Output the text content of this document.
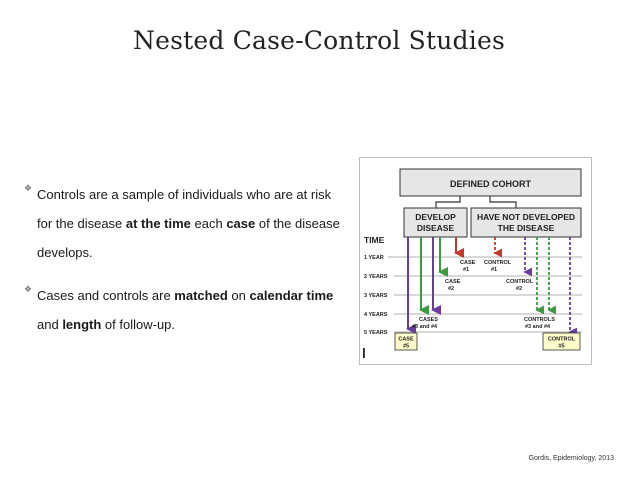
Nested Case-Control Studies
❖ Controls are a sample of individuals who are at risk for the disease at the time each case of the disease develops.
❖ Cases and controls are matched on calendar time and length of follow-up.
DEFINED COHORT
DEVELOP
DISEASE
HAVE NOT DEVELOPED
THE DISEASE
TIME
1 YEAR
2 YEARS
3 YEARS
4 YEARS
5 YEARS
CASE
#1
CONTROL
#1
CASE
#2
CONTROL
#2
CASES
#3 and #4
CONTROLS
#3 and #4
CASE
#5
CONTROL
#5
Gordis, Epidemiology, 2013
